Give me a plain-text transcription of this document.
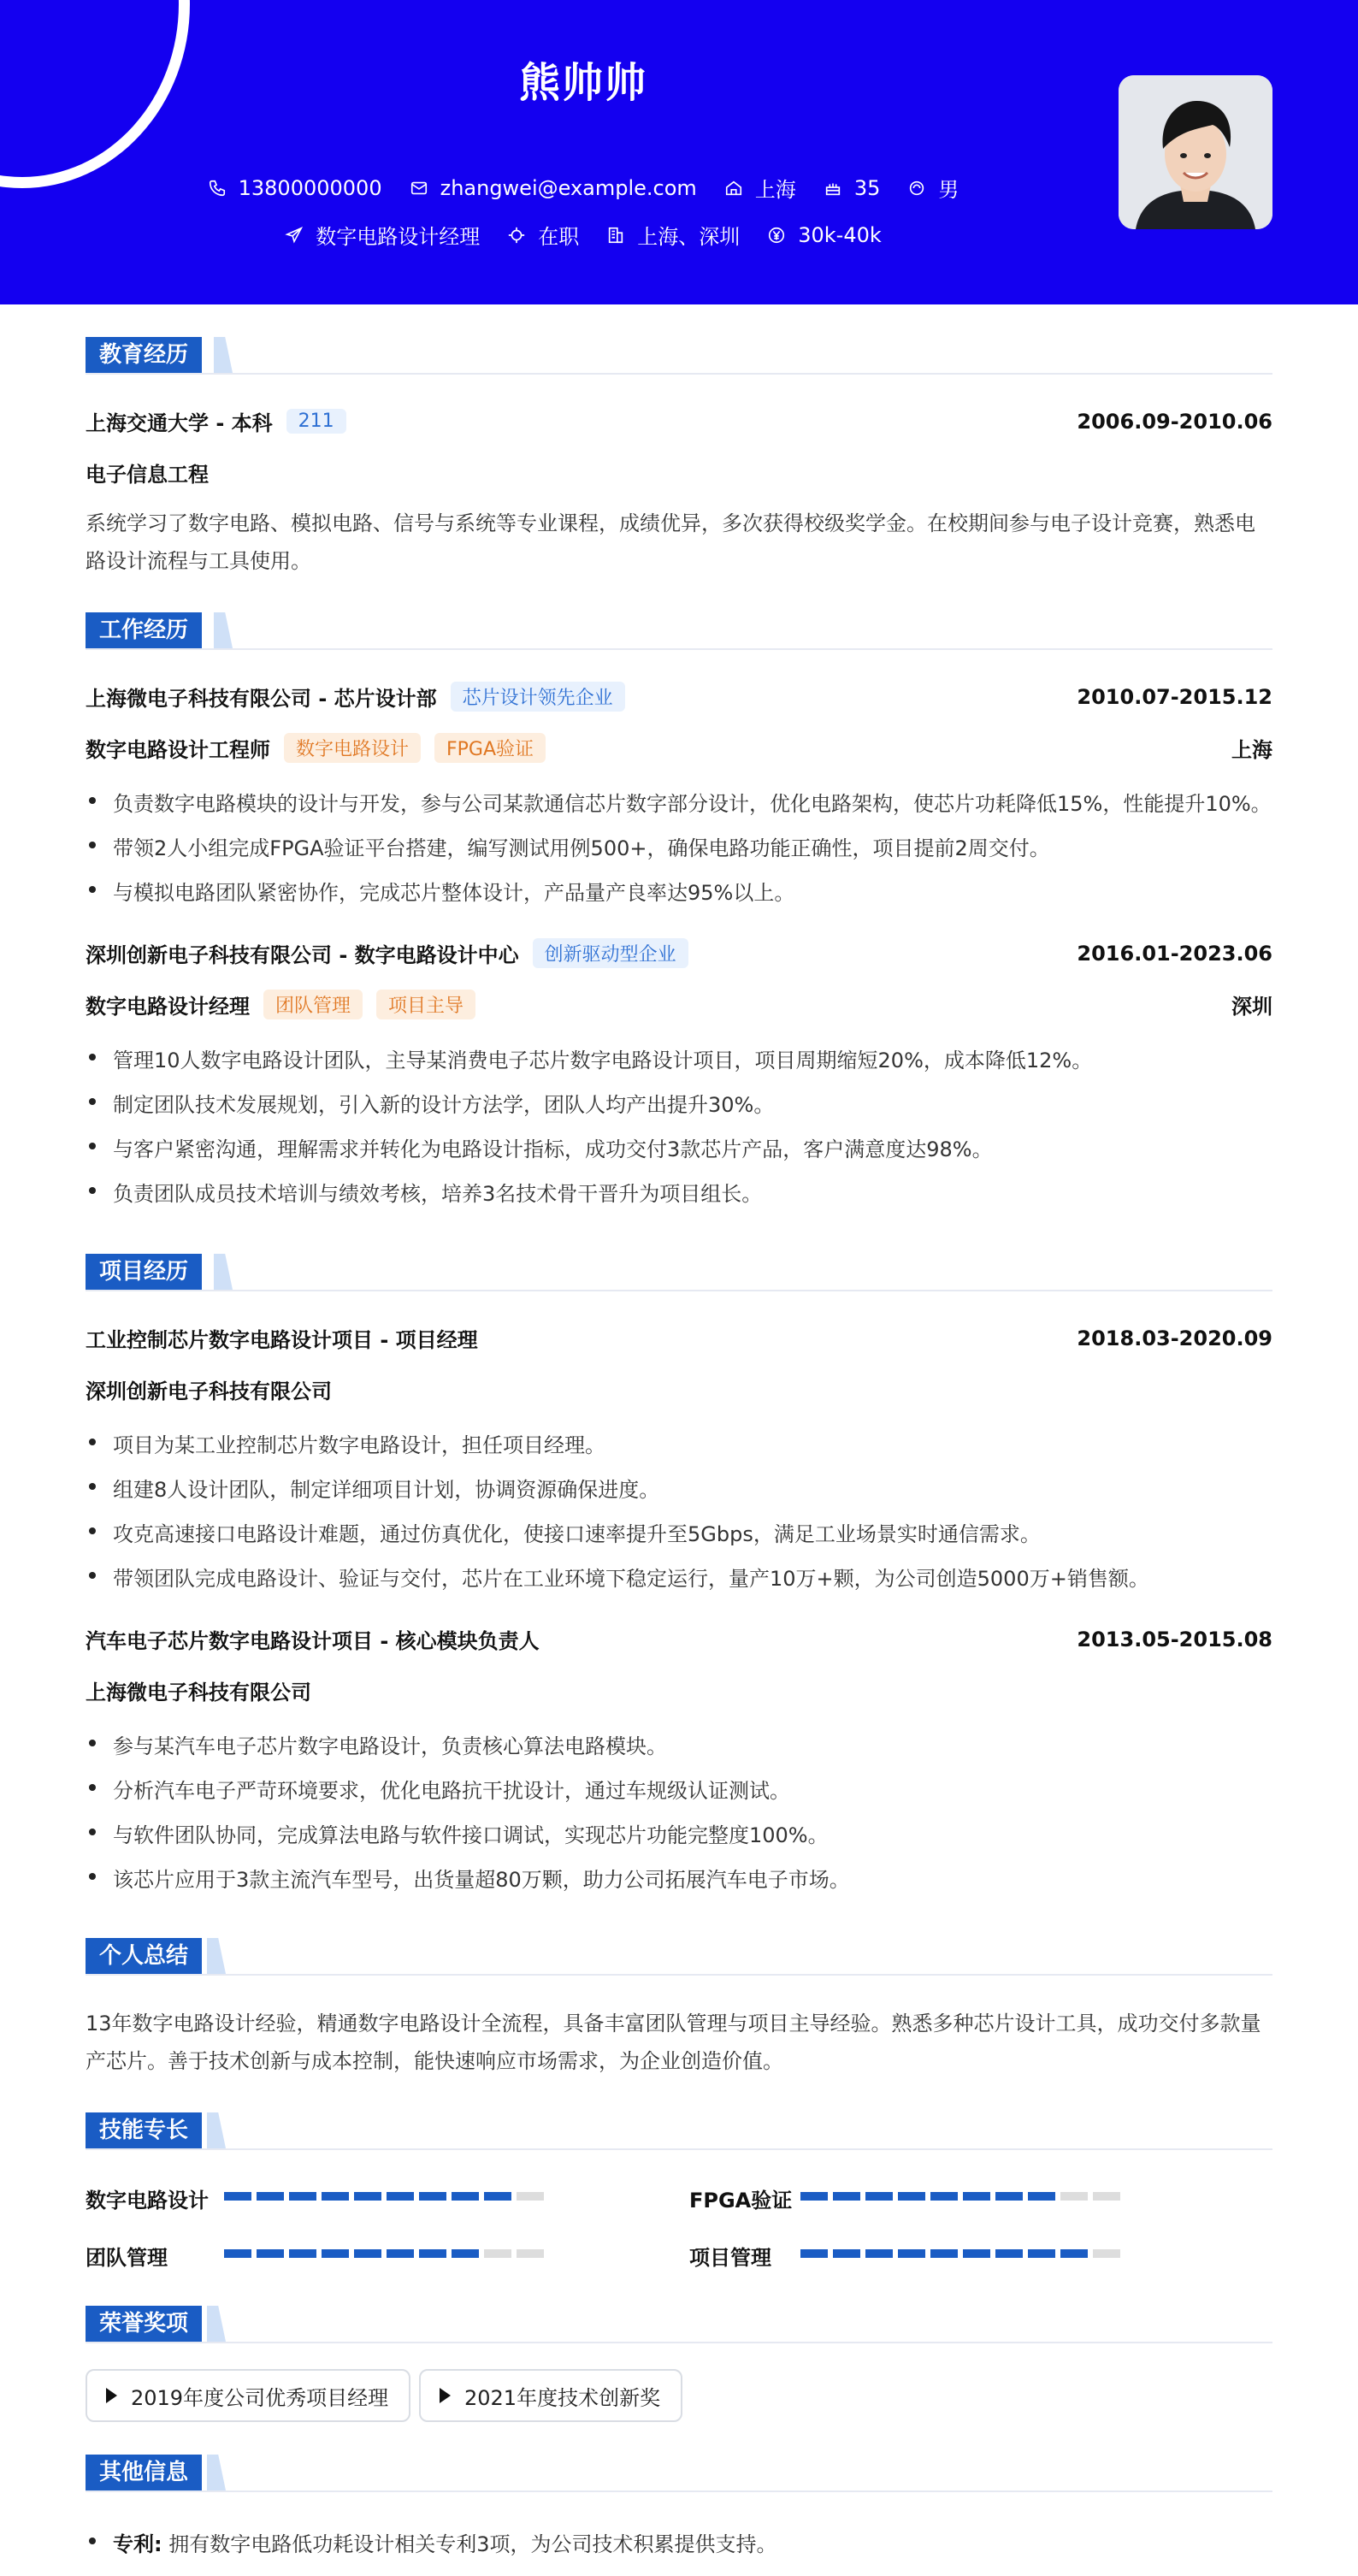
熊帅帅
13800000000	zhangwei@example.com	上海	35	男
数字电路设计经理	在职	上海、深圳	30k-40k
教育经历
上海交通大学 - 本科	211	2006.09-2010.06
电子信息工程
系统学习了数字电路、模拟电路、信号与系统等专业课程，成绩优异，多次获得校级奖学金。在校期间参与电子设计竞赛，熟悉电路设计流程与工具使用。
工作经历
上海微电子科技有限公司 - 芯片设计部	芯片设计领先企业	2010.07-2015.12
数字电路设计工程师	数字电路设计	FPGA验证	上海
负责数字电路模块的设计与开发，参与公司某款通信芯片数字部分设计，优化电路架构，使芯片功耗降低15%，性能提升10%。
带领2人小组完成FPGA验证平台搭建，编写测试用例500+，确保电路功能正确性，项目提前2周交付。
与模拟电路团队紧密协作，完成芯片整体设计，产品量产良率达95%以上。
深圳创新电子科技有限公司 - 数字电路设计中心	创新驱动型企业	2016.01-2023.06
数字电路设计经理	团队管理	项目主导	深圳
管理10人数字电路设计团队，主导某消费电子芯片数字电路设计项目，项目周期缩短20%，成本降低12%。
制定团队技术发展规划，引入新的设计方法学，团队人均产出提升30%。
与客户紧密沟通，理解需求并转化为电路设计指标，成功交付3款芯片产品，客户满意度达98%。
负责团队成员技术培训与绩效考核，培养3名技术骨干晋升为项目组长。
项目经历
工业控制芯片数字电路设计项目 - 项目经理	2018.03-2020.09
深圳创新电子科技有限公司
项目为某工业控制芯片数字电路设计，担任项目经理。
组建8人设计团队，制定详细项目计划，协调资源确保进度。
攻克高速接口电路设计难题，通过仿真优化，使接口速率提升至5Gbps，满足工业场景实时通信需求。
带领团队完成电路设计、验证与交付，芯片在工业环境下稳定运行，量产10万+颗，为公司创造5000万+销售额。
汽车电子芯片数字电路设计项目 - 核心模块负责人	2013.05-2015.08
上海微电子科技有限公司
参与某汽车电子芯片数字电路设计，负责核心算法电路模块。
分析汽车电子严苛环境要求，优化电路抗干扰设计，通过车规级认证测试。
与软件团队协同，完成算法电路与软件接口调试，实现芯片功能完整度100%。
该芯片应用于3款主流汽车型号，出货量超80万颗，助力公司拓展汽车电子市场。
个人总结
13年数字电路设计经验，精通数字电路设计全流程，具备丰富团队管理与项目主导经验。熟悉多种芯片设计工具，成功交付多款量产芯片。善于技术创新与成本控制，能快速响应市场需求，为企业创造价值。
技能专长
数字电路设计	FPGA验证
团队管理	项目管理
荣誉奖项
2019年度公司优秀项目经理	2021年度技术创新奖
其他信息
专利: 拥有数字电路低功耗设计相关专利3项，为公司技术积累提供支持。
